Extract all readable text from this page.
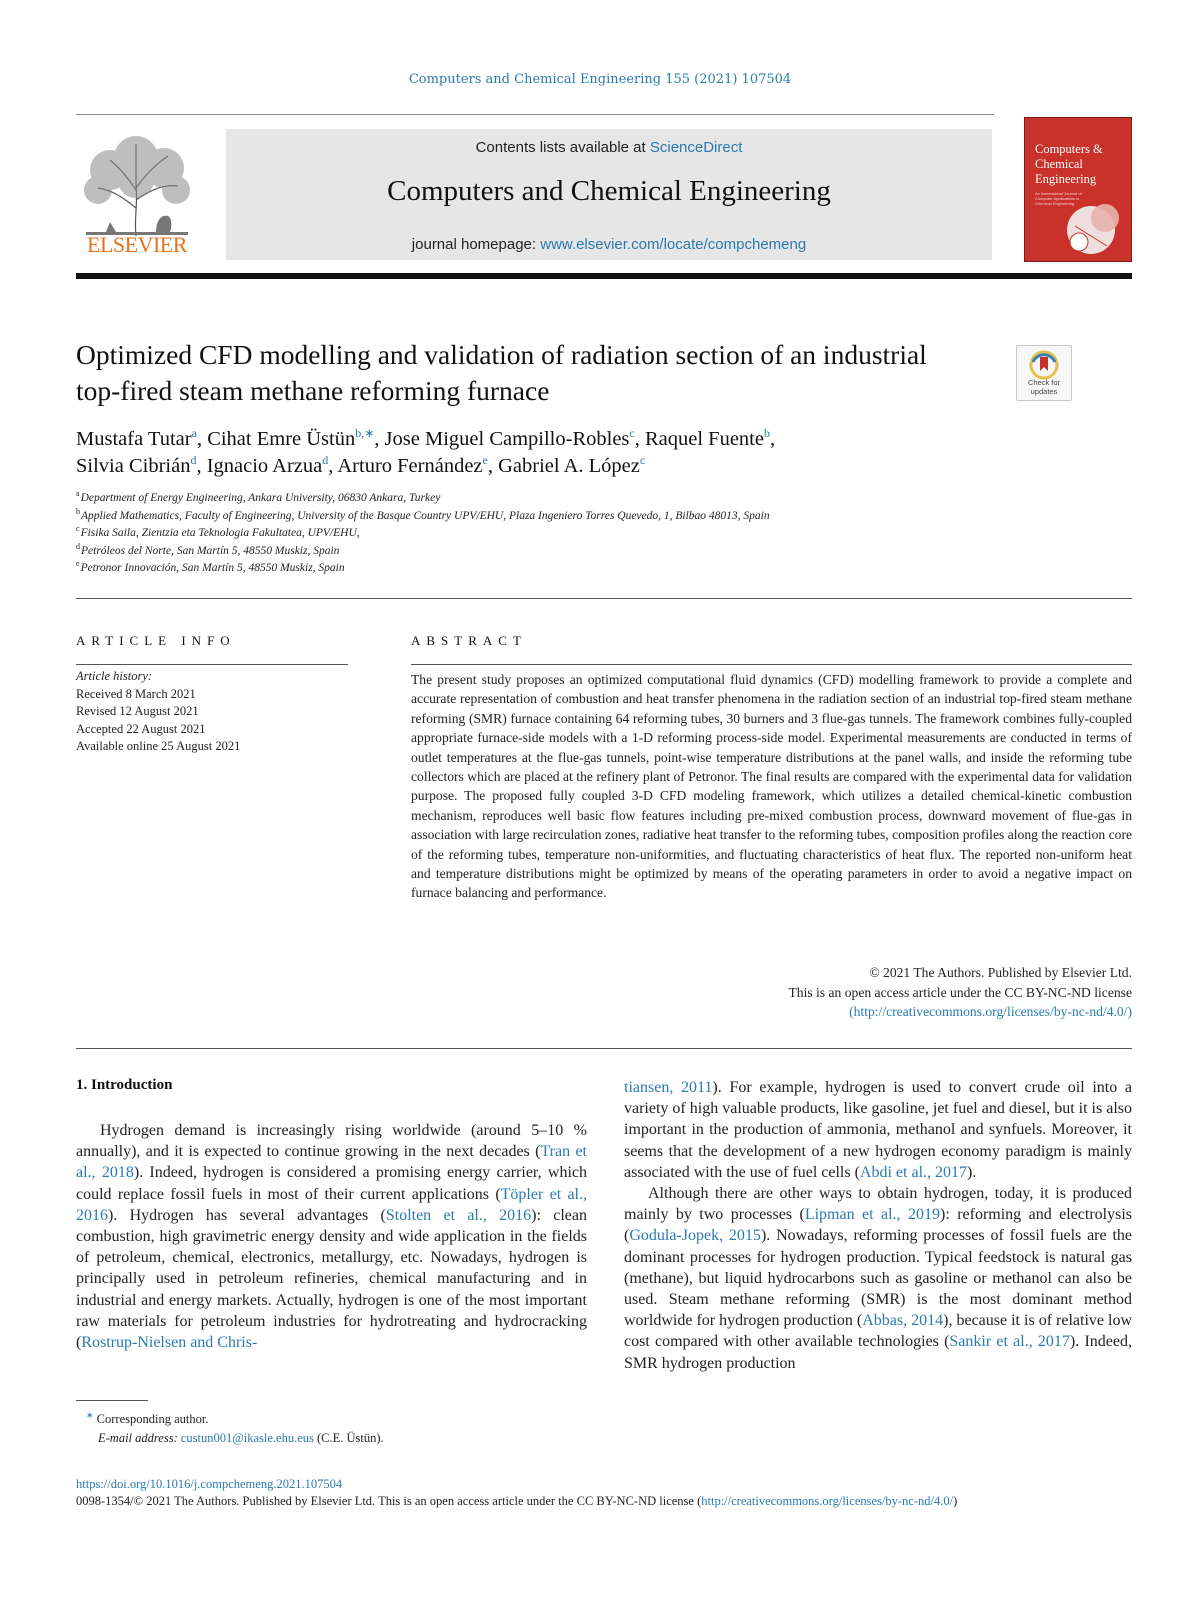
Computers and Chemical Engineering 155 (2021) 107504
ELSEVIER
Contents lists available at ScienceDirect
Computers and Chemical Engineering
journal homepage: www.elsevier.com/locate/compchemeng
Computers & Chemical Engineering
An International Journal of Computer Applications in Chemical Engineering
Optimized CFD modelling and validation of radiation section of an industrial top-fired steam methane reforming furnace	Check for updates
Mustafa Tutar$^a$, Cihat Emre Üstün$^{b,∗}$, Jose Miguel Campillo-Robles$^c$, Raquel Fuente$^b$,
Silvia Cibrián$^d$, Ignacio Arzua$^d$, Arturo Fernández$^e$, Gabriel A. López$^c$
$^a$Department of Energy Engineering, Ankara University, 06830 Ankara, Turkey
$^b$Applied Mathematics, Faculty of Engineering, University of the Basque Country UPV/EHU, Plaza Ingeniero Torres Quevedo, 1, Bilbao 48013, Spain
$^c$Fisika Saila, Zientzia eta Teknologia Fakultatea, UPV/EHU,
$^d$Petróleos del Norte, San Martín 5, 48550 Muskiz, Spain
$^e$Petronor Innovación, San Martín 5, 48550 Muskiz, Spain
ARTICLE INFO
Article history:
Received 8 March 2021
Revised 12 August 2021
Accepted 22 August 2021
Available online 25 August 2021
ABSTRACT
The present study proposes an optimized computational fluid dynamics (CFD) modelling framework to provide a complete and accurate representation of combustion and heat transfer phenomena in the radiation section of an industrial top-fired steam methane reforming (SMR) furnace containing 64 reforming tubes, 30 burners and 3 flue-gas tunnels. The framework combines fully-coupled appropriate furnace-side models with a 1-D reforming process-side model. Experimental measurements are conducted in terms of outlet temperatures at the flue-gas tunnels, point-wise temperature distributions at the panel walls, and inside the reforming tube collectors which are placed at the refinery plant of Petronor. The final results are compared with the experimental data for validation purpose. The proposed fully coupled 3-D CFD modeling framework, which utilizes a detailed chemical-kinetic combustion mechanism, reproduces well basic flow features including pre-mixed combustion process, downward movement of flue-gas in association with large recirculation zones, radiative heat transfer to the reforming tubes, composition profiles along the reaction core of the reforming tubes, temperature non-uniformities, and fluctuating characteristics of heat flux. The reported non-uniform heat and temperature distributions might be optimized by means of the operating parameters in order to avoid a negative impact on furnace balancing and performance.
© 2021 The Authors. Published by Elsevier Ltd.
This is an open access article under the CC BY-NC-ND license
(http://creativecommons.org/licenses/by-nc-nd/4.0/)
1. Introduction

Hydrogen demand is increasingly rising worldwide (around 5–10 % annually), and it is expected to continue growing in the next decades (Tran et al., 2018). Indeed, hydrogen is considered a promising energy carrier, which could replace fossil fuels in most of their current applications (Töpler et al., 2016). Hydrogen has several advantages (Stolten et al., 2016): clean combustion, high gravimetric energy density and wide application in the fields of petroleum, chemical, electronics, metallurgy, etc. Nowadays, hydrogen is principally used in petroleum refineries, chemical manufacturing and in industrial and energy markets. Actually, hydrogen is one of the most important raw materials for petroleum industries for hydrotreating and hydrocracking (Rostrup-Nielsen and Chris-

tiansen, 2011). For example, hydrogen is used to convert crude oil into a variety of high valuable products, like gasoline, jet fuel and diesel, but it is also important in the production of ammonia, methanol and synfuels. Moreover, it seems that the development of a new hydrogen economy paradigm is mainly associated with the use of fuel cells (Abdi et al., 2017).

Although there are other ways to obtain hydrogen, today, it is produced mainly by two processes (Lipman et al., 2019): reforming and electrolysis (Godula-Jopek, 2015). Nowadays, reforming processes of fossil fuels are the dominant processes for hydrogen production. Typical feedstock is natural gas (methane), but liquid hydrocarbons such as gasoline or methanol can also be used. Steam methane reforming (SMR) is the most dominant method worldwide for hydrogen production (Abbas, 2014), because it is of relative low cost compared with other available technologies (Sankir et al., 2017). Indeed, SMR hydrogen production

∗ Corresponding author.
E-mail address: custun001@ikasle.ehu.eus (C.E. Üstün).
https://doi.org/10.1016/j.compchemeng.2021.107504
0098-1354/© 2021 The Authors. Published by Elsevier Ltd. This is an open access article under the CC BY-NC-ND license (http://creativecommons.org/licenses/by-nc-nd/4.0/)
